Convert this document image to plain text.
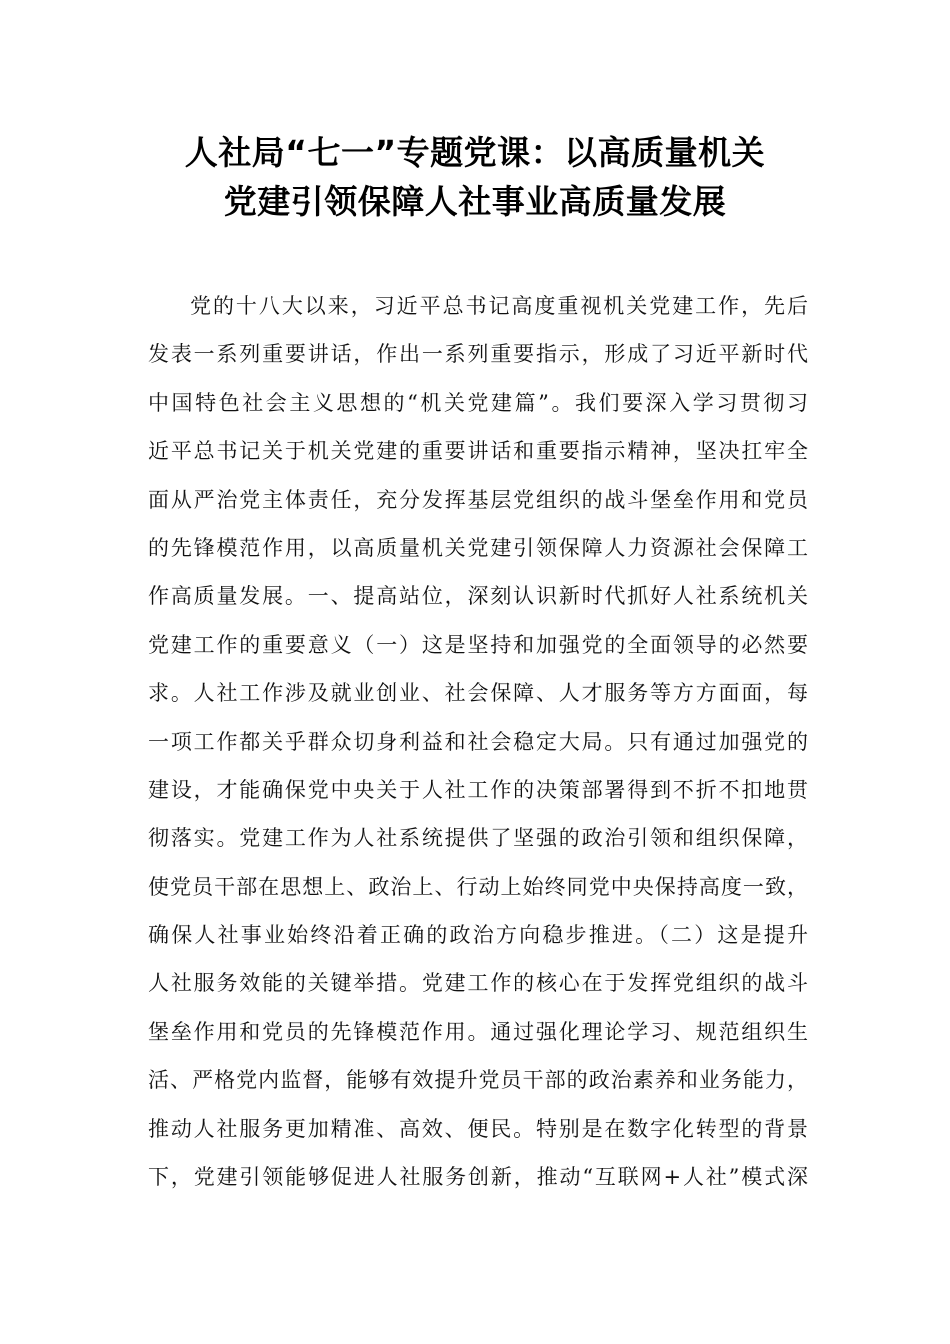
人社局“七一”专题党课：以高质量机关
党建引领保障人社事业高质量发展
党的十八大以来，习近平总书记高度重视机关党建工作，先后
发表一系列重要讲话，作出一系列重要指示，形成了习近平新时代
中国特色社会主义思想的“机关党建篇”。我们要深入学习贯彻习
近平总书记关于机关党建的重要讲话和重要指示精神，坚决扛牢全
面从严治党主体责任，充分发挥基层党组织的战斗堡垒作用和党员
的先锋模范作用，以高质量机关党建引领保障人力资源社会保障工
作高质量发展。一、提高站位，深刻认识新时代抓好人社系统机关
党建工作的重要意义（一）这是坚持和加强党的全面领导的必然要
求。人社工作涉及就业创业、社会保障、人才服务等方方面面，每
一项工作都关乎群众切身利益和社会稳定大局。只有通过加强党的
建设，才能确保党中央关于人社工作的决策部署得到不折不扣地贯
彻落实。党建工作为人社系统提供了坚强的政治引领和组织保障，
使党员干部在思想上、政治上、行动上始终同党中央保持高度一致，
确保人社事业始终沿着正确的政治方向稳步推进。（二）这是提升
人社服务效能的关键举措。党建工作的核心在于发挥党组织的战斗
堡垒作用和党员的先锋模范作用。通过强化理论学习、规范组织生
活、严格党内监督，能够有效提升党员干部的政治素养和业务能力，
推动人社服务更加精准、高效、便民。特别是在数字化转型的背景
下，党建引领能够促进人社服务创新，推动“互联网+人社”模式深
